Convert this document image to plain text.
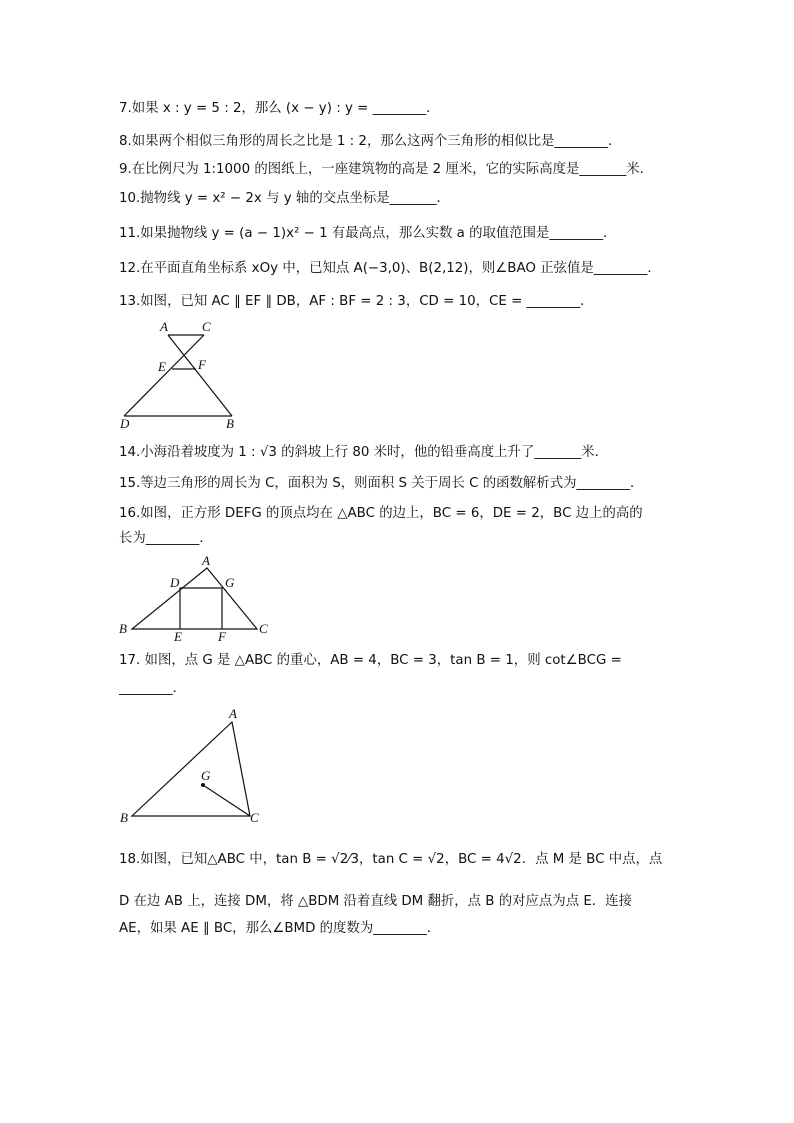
7.如果 x : y = 5 : 2，那么 (x − y) : y = ________．
8.如果两个相似三角形的周长之比是 1 : 2，那么这两个三角形的相似比是________．
9.在比例尺为 1:1000 的图纸上，一座建筑物的高是 2 厘米，它的实际高度是_______米．
10.抛物线 y = x² − 2x 与 y 轴的交点坐标是_______．
11.如果抛物线 y = (a − 1)x² − 1 有最高点，那么实数 a 的取值范围是________．
12.在平面直角坐标系 xOy 中，已知点 A(−3,0)、B(2,12)，则∠BAO 正弦值是________．
13.如图，已知 AC ∥ EF ∥ DB，AF : BF = 2 : 3，CD = 10，CE = ________．
A	C
E F
D	B
14.小海沿着坡度为 1 : √3 的斜坡上行 80 米时，他的铅垂高度上升了_______米．
15.等边三角形的周长为 C，面积为 S，则面积 S 关于周长 C 的函数解析式为________．
16.如图，正方形 DEFG 的顶点均在 △ABC 的边上，BC = 6，DE = 2，BC 边上的高的
长为________．
A
D	G
B
E	F
C
17. 如图，点 G 是 △ABC 的重心，AB = 4，BC = 3，tan B = 1，则 cot∠BCG =
________．
A
G
B	C
18.如图，已知△ABC 中，tan B = √2⁄3，tan C = √2，BC = 4√2．点 M 是 BC 中点，点
D 在边 AB 上，连接 DM，将 △BDM 沿着直线 DM 翻折，点 B 的对应点为点 E．连接
AE，如果 AE ∥ BC，那么∠BMD 的度数为________．
